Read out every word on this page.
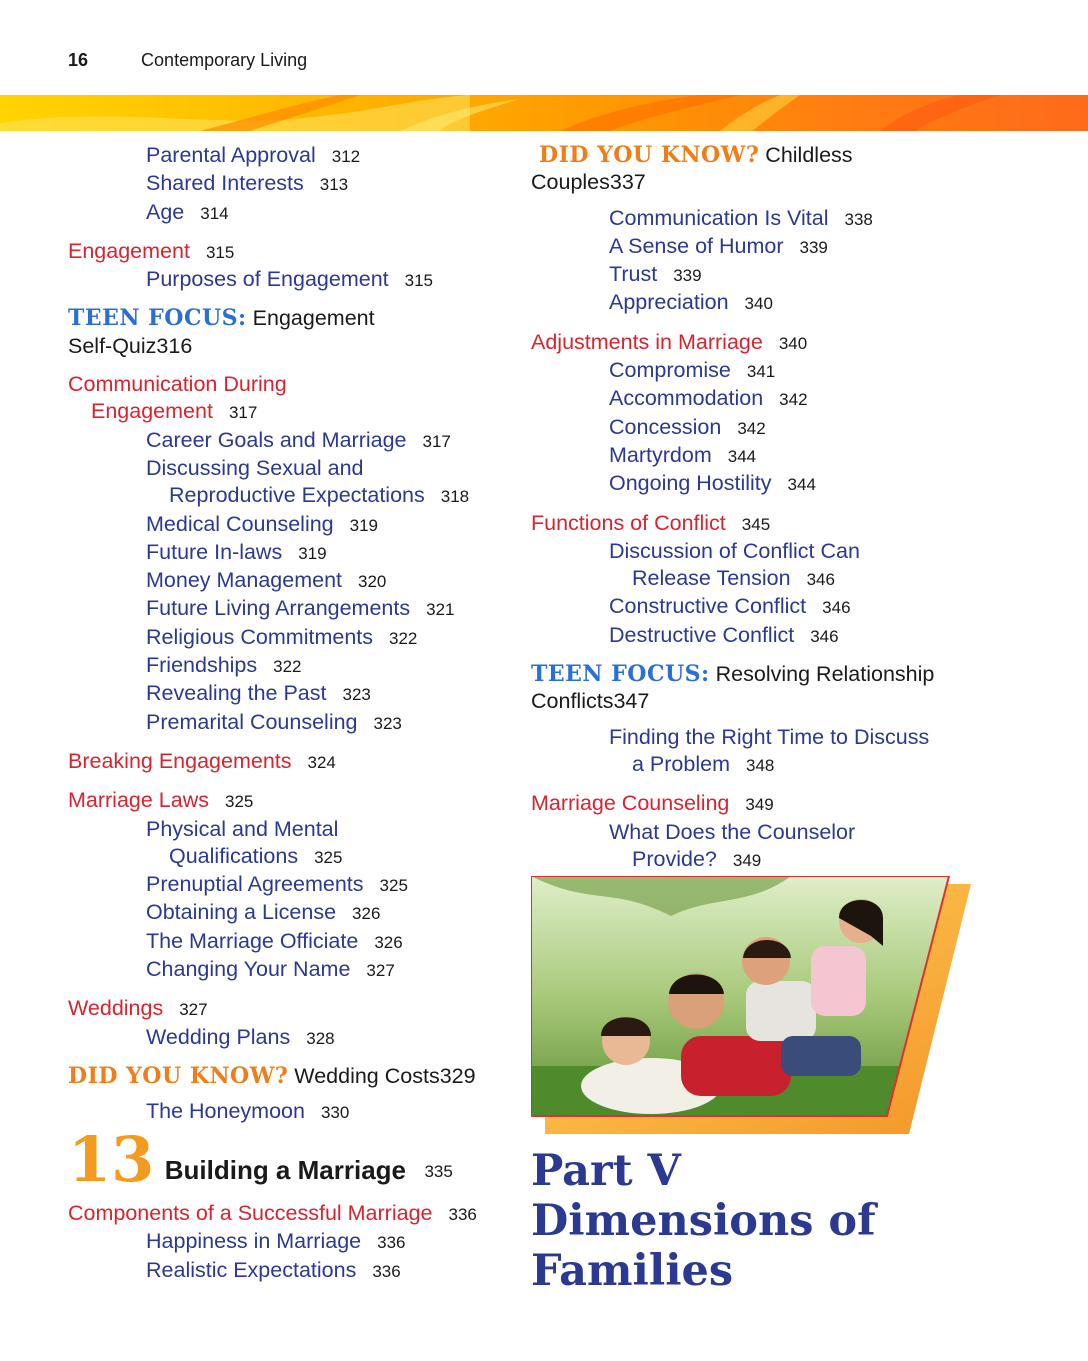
16	Contemporary Living
Parental Approval 312
Shared Interests 313
Age 314
Engagement 315
Purposes of Engagement 315
TEEN FOCUS: Engagement
Self-Quiz316
Communication During
Engagement 317
Career Goals and Marriage 317
Discussing Sexual and
Reproductive Expectations 318
Medical Counseling 319
Future In-laws 319
Money Management 320
Future Living Arrangements 321
Religious Commitments 322
Friendships 322
Revealing the Past 323
Premarital Counseling 323
Breaking Engagements 324
Marriage Laws 325
Physical and Mental
Qualifications 325
Prenuptial Agreements 325
Obtaining a License 326
The Marriage Officiate 326
Changing Your Name 327
Weddings 327
Wedding Plans 328
DID YOU KNOW? Wedding Costs329
The Honeymoon 330
13 Building a Marriage 335
Components of a Successful Marriage 336
Happiness in Marriage 336
Realistic Expectations 336
DID YOU KNOW? Childless
Couples337
Communication Is Vital 338
A Sense of Humor 339
Trust 339
Appreciation 340
Adjustments in Marriage 340
Compromise 341
Accommodation 342
Concession 342
Martyrdom 344
Ongoing Hostility 344
Functions of Conflict 345
Discussion of Conflict Can
Release Tension 346
Constructive Conflict 346
Destructive Conflict 346
TEEN FOCUS: Resolving Relationship
Conflicts347
Finding the Right Time to Discuss
a Problem 348
Marriage Counseling 349
What Does the Counselor
Provide? 349
Part V
Dimensions of
Families
